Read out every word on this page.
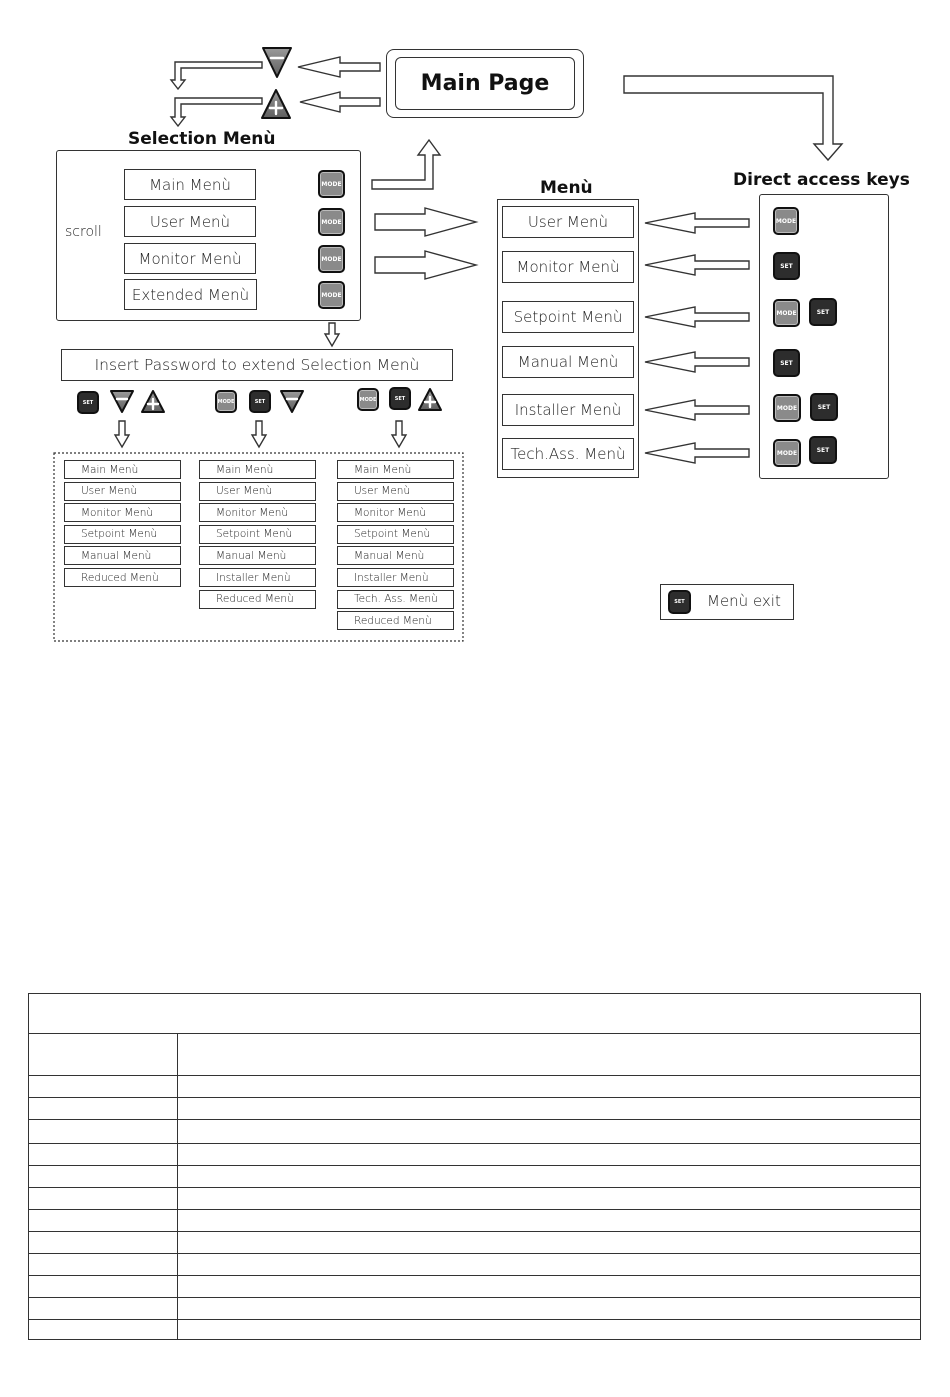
Main Page
Selection Menù
scroll
Main Menù
User Menù
Monitor Menù
Extended Menù
MODE
MODE
MODE
MODE
Insert Password to extend Selection Menù
SET	MODE	SET	MODE	SET
Main Menù
User Menù
Monitor Menù
Setpoint Menù
Manual Menù
Reduced Menù
Main Menù
User Menù
Monitor Menù
Setpoint Menù
Manual Menù
Installer Menù
Reduced Menù
Main Menù
User Menù
Monitor Menù
Setpoint Menù
Manual Menù
Installer Menù
Tech. Ass. Menù
Reduced Menù
Menù
User Menù
Monitor Menù
Setpoint Menù
Manual Menù
Installer Menù
Tech.Ass. Menù
Direct access keys
MODE
SET
MODE	SET
SET
MODE	SET
MODE	SET
SET	Menù exit
